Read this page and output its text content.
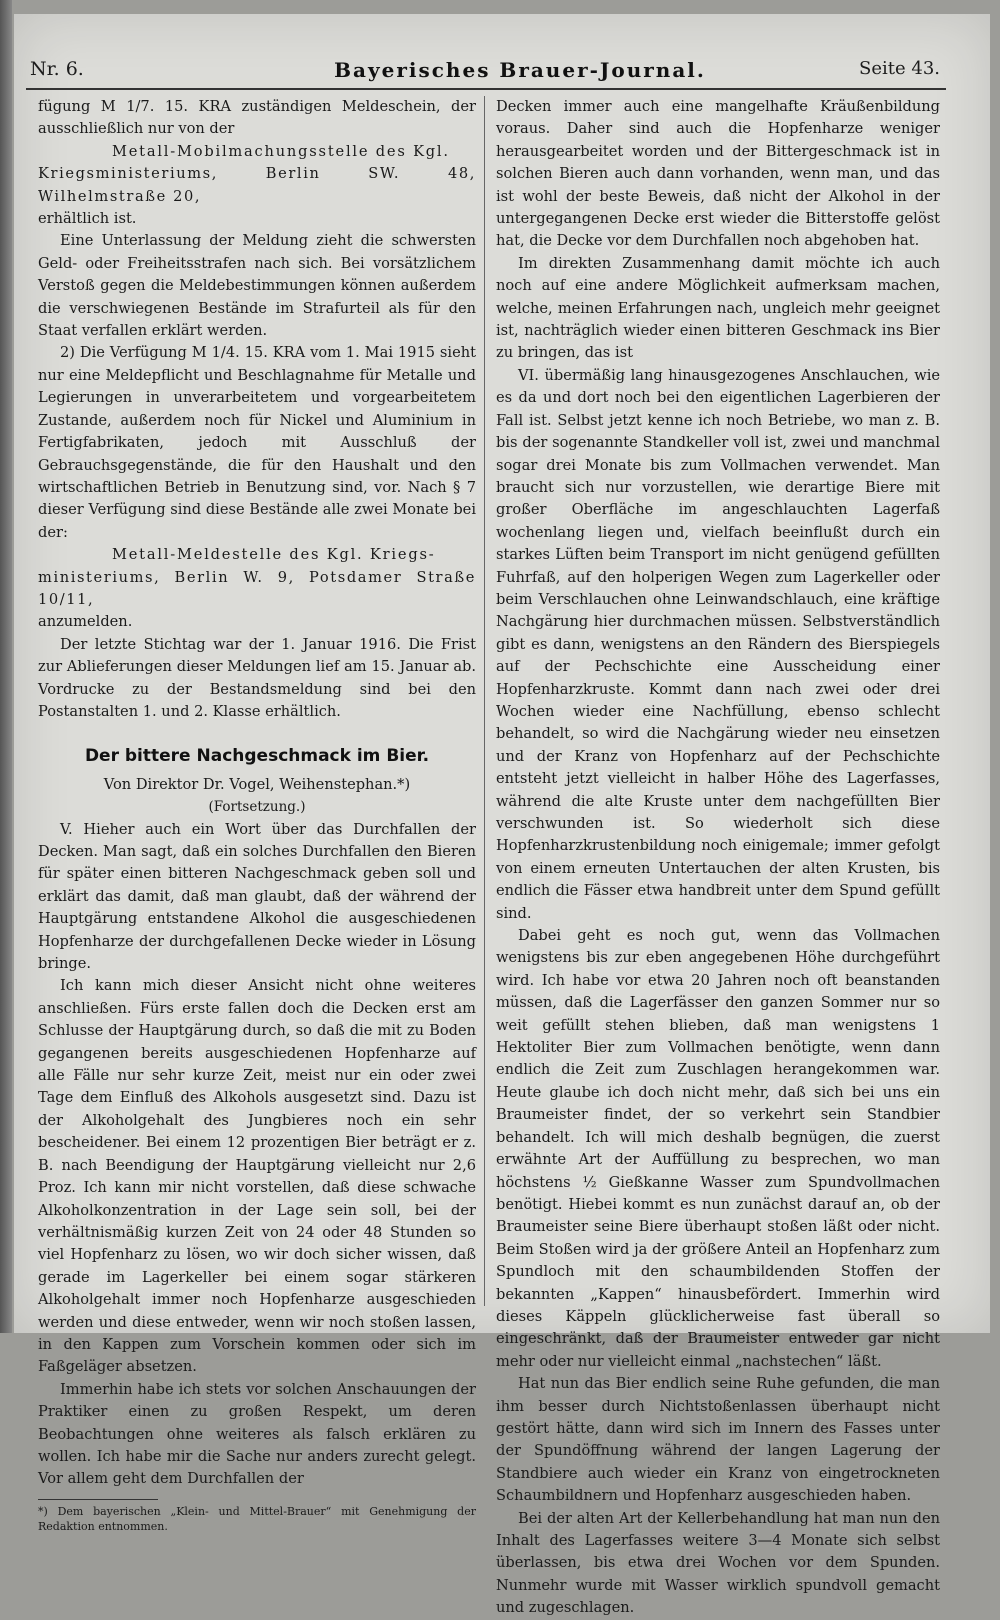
Nr. 6.	Bayerisches Brauer-Journal.	Seite 43.

fügung M 1/7. 15. KRA zuständigen Meldeschein, der ausschließlich nur von der

Metall-Mobilmachungsstelle des Kgl.

Kriegsministeriums, Berlin SW. 48, Wilhelmstraße 20,

erhältlich ist.

Eine Unterlassung der Meldung zieht die schwersten Geld- oder Freiheitsstrafen nach sich. Bei vorsätzlichem Verstoß gegen die Meldebestimmungen können außerdem die verschwiegenen Bestände im Strafurteil als für den Staat verfallen erklärt werden.

2) Die Verfügung M 1/4. 15. KRA vom 1. Mai 1915 sieht nur eine Meldepflicht und Beschlagnahme für Metalle und Legierungen in unverarbeitetem und vorgearbeitetem Zustande, außerdem noch für Nickel und Aluminium in Fertigfabrikaten, jedoch mit Ausschluß der Gebrauchsgegenstände, die für den Haushalt und den wirtschaftlichen Betrieb in Benutzung sind, vor. Nach § 7 dieser Verfügung sind diese Bestände alle zwei Monate bei der:

Metall-Meldestelle des Kgl. Kriegs-

ministeriums, Berlin W. 9, Potsdamer Straße 10/11,

anzumelden.

Der letzte Stichtag war der 1. Januar 1916. Die Frist zur Ablieferungen dieser Meldungen lief am 15. Januar ab. Vordrucke zu der Bestandsmeldung sind bei den Postanstalten 1. und 2. Klasse erhältlich.

Der bittere Nachgeschmack im Bier.

Von Direktor Dr. Vogel, Weihenstephan.*)

(Fortsetzung.)

V. Hieher auch ein Wort über das Durchfallen der Decken. Man sagt, daß ein solches Durchfallen den Bieren für später einen bitteren Nachgeschmack geben soll und erklärt das damit, daß man glaubt, daß der während der Hauptgärung entstandene Alkohol die ausgeschiedenen Hopfenharze der durchgefallenen Decke wieder in Lösung bringe.

Ich kann mich dieser Ansicht nicht ohne weiteres anschließen. Fürs erste fallen doch die Decken erst am Schlusse der Hauptgärung durch, so daß die mit zu Boden gegangenen bereits ausgeschiedenen Hopfenharze auf alle Fälle nur sehr kurze Zeit, meist nur ein oder zwei Tage dem Einfluß des Alkohols ausgesetzt sind. Dazu ist der Alkoholgehalt des Jungbieres noch ein sehr bescheidener. Bei einem 12 prozentigen Bier beträgt er z. B. nach Beendigung der Hauptgärung vielleicht nur 2,6 Proz. Ich kann mir nicht vorstellen, daß diese schwache Alkoholkonzentration in der Lage sein soll, bei der verhältnismäßig kurzen Zeit von 24 oder 48 Stunden so viel Hopfenharz zu lösen, wo wir doch sicher wissen, daß gerade im Lagerkeller bei einem sogar stärkeren Alkoholgehalt immer noch Hopfenharze ausgeschieden werden und diese entweder, wenn wir noch stoßen lassen, in den Kappen zum Vorschein kommen oder sich im Faßgeläger absetzen.

Immerhin habe ich stets vor solchen Anschauungen der Praktiker einen zu großen Respekt, um deren Beobachtungen ohne weiteres als falsch erklären zu wollen. Ich habe mir die Sache nur anders zurecht gelegt. Vor allem geht dem Durchfallen der

*) Dem bayerischen „Klein- und Mittel-Brauer“ mit Genehmigung der Redaktion entnommen.

Decken immer auch eine mangelhafte Kräußenbildung voraus. Daher sind auch die Hopfenharze weniger herausgearbeitet worden und der Bittergeschmack ist in solchen Bieren auch dann vorhanden, wenn man, und das ist wohl der beste Beweis, daß nicht der Alkohol in der untergegangenen Decke erst wieder die Bitterstoffe gelöst hat, die Decke vor dem Durchfallen noch abgehoben hat.

Im direkten Zusammenhang damit möchte ich auch noch auf eine andere Möglichkeit aufmerksam machen, welche, meinen Erfahrungen nach, ungleich mehr geeignet ist, nachträglich wieder einen bitteren Geschmack ins Bier zu bringen, das ist

VI. übermäßig lang hinausgezogenes Anschlauchen, wie es da und dort noch bei den eigentlichen Lagerbieren der Fall ist. Selbst jetzt kenne ich noch Betriebe, wo man z. B. bis der sogenannte Standkeller voll ist, zwei und manchmal sogar drei Monate bis zum Vollmachen verwendet. Man braucht sich nur vorzustellen, wie derartige Biere mit großer Oberfläche im angeschlauchten Lagerfaß wochenlang liegen und, vielfach beeinflußt durch ein starkes Lüften beim Transport im nicht genügend gefüllten Fuhrfaß, auf den holperigen Wegen zum Lagerkeller oder beim Verschlauchen ohne Leinwandschlauch, eine kräftige Nachgärung hier durchmachen müssen. Selbstverständlich gibt es dann, wenigstens an den Rändern des Bierspiegels auf der Pechschichte eine Ausscheidung einer Hopfenharzkruste. Kommt dann nach zwei oder drei Wochen wieder eine Nachfüllung, ebenso schlecht behandelt, so wird die Nachgärung wieder neu einsetzen und der Kranz von Hopfenharz auf der Pechschichte entsteht jetzt vielleicht in halber Höhe des Lagerfasses, während die alte Kruste unter dem nachgefüllten Bier verschwunden ist. So wiederholt sich diese Hopfenharzkrustenbildung noch einigemale; immer gefolgt von einem erneuten Untertauchen der alten Krusten, bis endlich die Fässer etwa handbreit unter dem Spund gefüllt sind.

Dabei geht es noch gut, wenn das Vollmachen wenigstens bis zur eben angegebenen Höhe durchgeführt wird. Ich habe vor etwa 20 Jahren noch oft beanstanden müssen, daß die Lagerfässer den ganzen Sommer nur so weit gefüllt stehen blieben, daß man wenigstens 1 Hektoliter Bier zum Vollmachen benötigte, wenn dann endlich die Zeit zum Zuschlagen herangekommen war. Heute glaube ich doch nicht mehr, daß sich bei uns ein Braumeister findet, der so verkehrt sein Standbier behandelt. Ich will mich deshalb begnügen, die zuerst erwähnte Art der Auffüllung zu besprechen, wo man höchstens ½ Gießkanne Wasser zum Spundvollmachen benötigt. Hiebei kommt es nun zunächst darauf an, ob der Braumeister seine Biere überhaupt stoßen läßt oder nicht. Beim Stoßen wird ja der größere Anteil an Hopfenharz zum Spundloch mit den schaumbildenden Stoffen der bekannten „Kappen“ hinausbefördert. Immerhin wird dieses Käppeln glücklicherweise fast überall so eingeschränkt, daß der Braumeister entweder gar nicht mehr oder nur vielleicht einmal „nachstechen“ läßt.

Hat nun das Bier endlich seine Ruhe gefunden, die man ihm besser durch Nichtstoßenlassen überhaupt nicht gestört hätte, dann wird sich im Innern des Fasses unter der Spundöffnung während der langen Lagerung der Standbiere auch wieder ein Kranz von eingetrockneten Schaumbildnern und Hopfenharz ausgeschieden haben.

Bei der alten Art der Kellerbehandlung hat man nun den Inhalt des Lagerfasses weitere 3—4 Monate sich selbst überlassen, bis etwa drei Wochen vor dem Spunden. Nunmehr wurde mit Wasser wirklich spundvoll gemacht und zugeschlagen.
